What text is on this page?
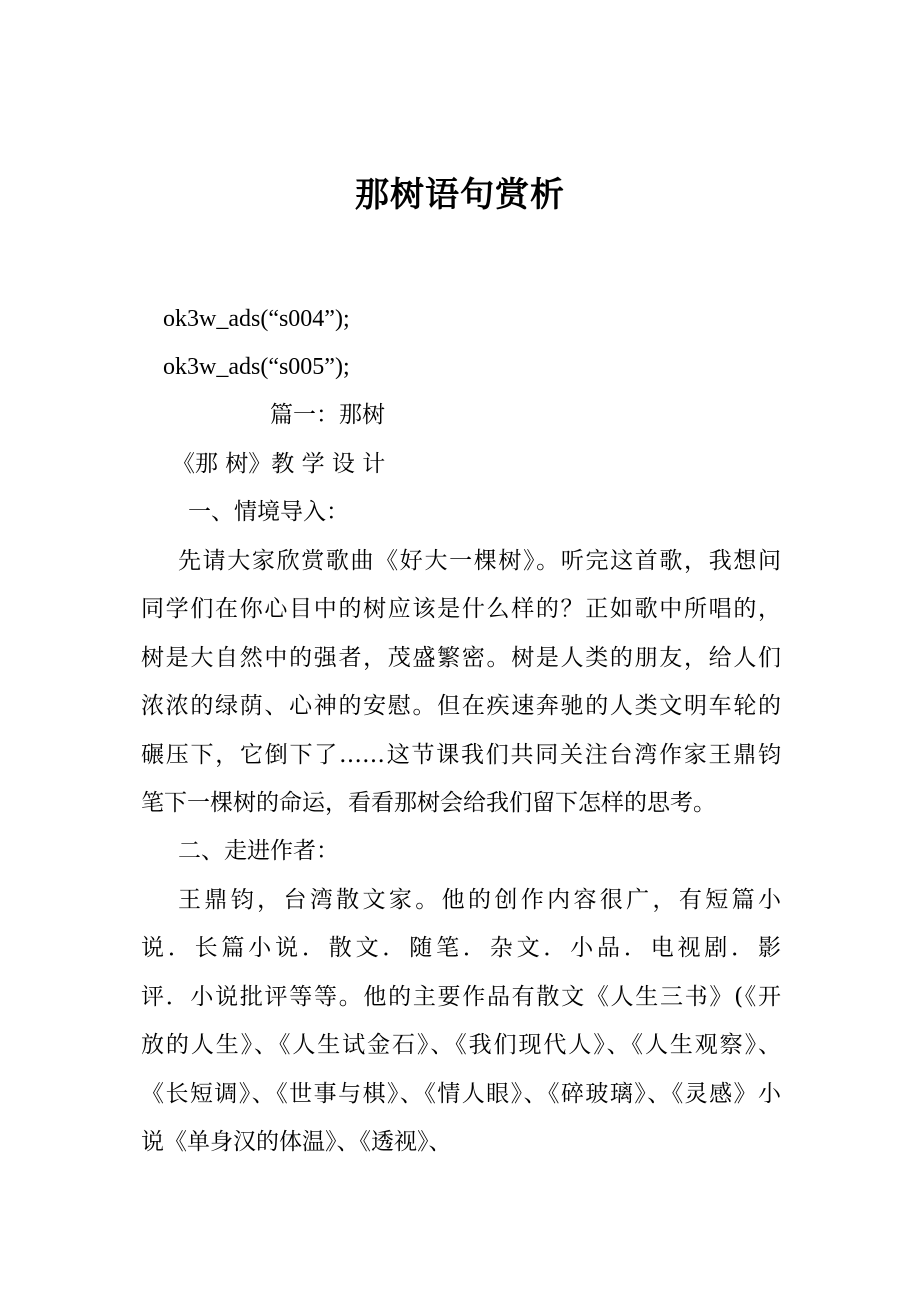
那树语句赏析
ok3w_ads(“s004”);
ok3w_ads(“s005”);
篇一：那树
《那 树》教 学 设 计
一、情境导入：
先请大家欣赏歌曲《好大一棵树》。听完这首歌，我想问
同学们在你心目中的树应该是什么样的？正如歌中所唱的，
树是大自然中的强者，茂盛繁密。树是人类的朋友，给人们
浓浓的绿荫、心神的安慰。但在疾速奔驰的人类文明车轮的
碾压下，它倒下了……这节课我们共同关注台湾作家王鼎钧
笔下一棵树的命运，看看那树会给我们留下怎样的思考。
二、走进作者：
王鼎钧，台湾散文家。他的创作内容很广，有短篇小
说．长篇小说．散文．随笔．杂文．小品．电视剧．影
评．小说批评等等。他的主要作品有散文《人生三书》(《开
放的人生》、《人生试金石》、《我们现代人》、《人生观察》、
《长短调》、《世事与棋》、《情人眼》、《碎玻璃》、《灵感》小
说《单身汉的体温》、《透视》、
